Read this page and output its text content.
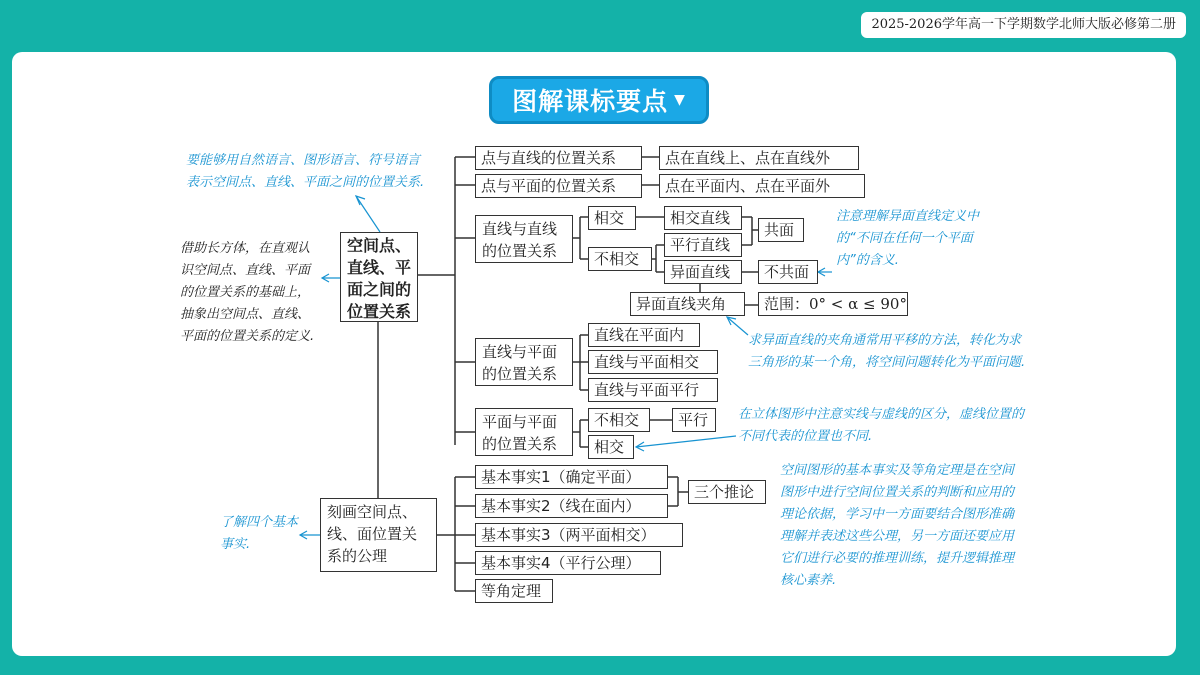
2025-2026学年高一下学期数学北师大版必修第二册
图解课标要点 ▼
空间点、直线、平面之间的位置关系
点与直线的位置关系	点在直线上、点在直线外
点与平面的位置关系	点在平面内、点在平面外
直线与直线的位置关系
相交
不相交
相交直线
平行直线
异面直线
共面
不共面
异面直线夹角	范围：0° < α ≤ 90°
直线与平面的位置关系
直线在平面内
直线与平面相交
直线与平面平行
平面与平面的位置关系
不相交	平行
相交
刻画空间点、线、面位置关系的公理
基本事实1（确定平面）
基本事实2（线在面内）
基本事实3（两平面相交）
基本事实4（平行公理）
等角定理
三个推论
要能够用自然语言、图形语言、符号语言表示空间点、直线、平面之间的位置关系.
借助长方体，在直观认识空间点、直线、平面的位置关系的基础上，抽象出空间点、直线、平面的位置关系的定义.
注意理解异面直线定义中的“不同在任何一个平面内”的含义.
求异面直线的夹角通常用平移的方法，转化为求三角形的某一个角，将空间问题转化为平面问题.
在立体图形中注意实线与虚线的区分，虚线位置的不同代表的位置也不同.
空间图形的基本事实及等角定理是在空间图形中进行空间位置关系的判断和应用的理论依据，学习中一方面要结合图形准确理解并表述这些公理，另一方面还要应用它们进行必要的推理训练，提升逻辑推理核心素养.
了解四个基本事实.
